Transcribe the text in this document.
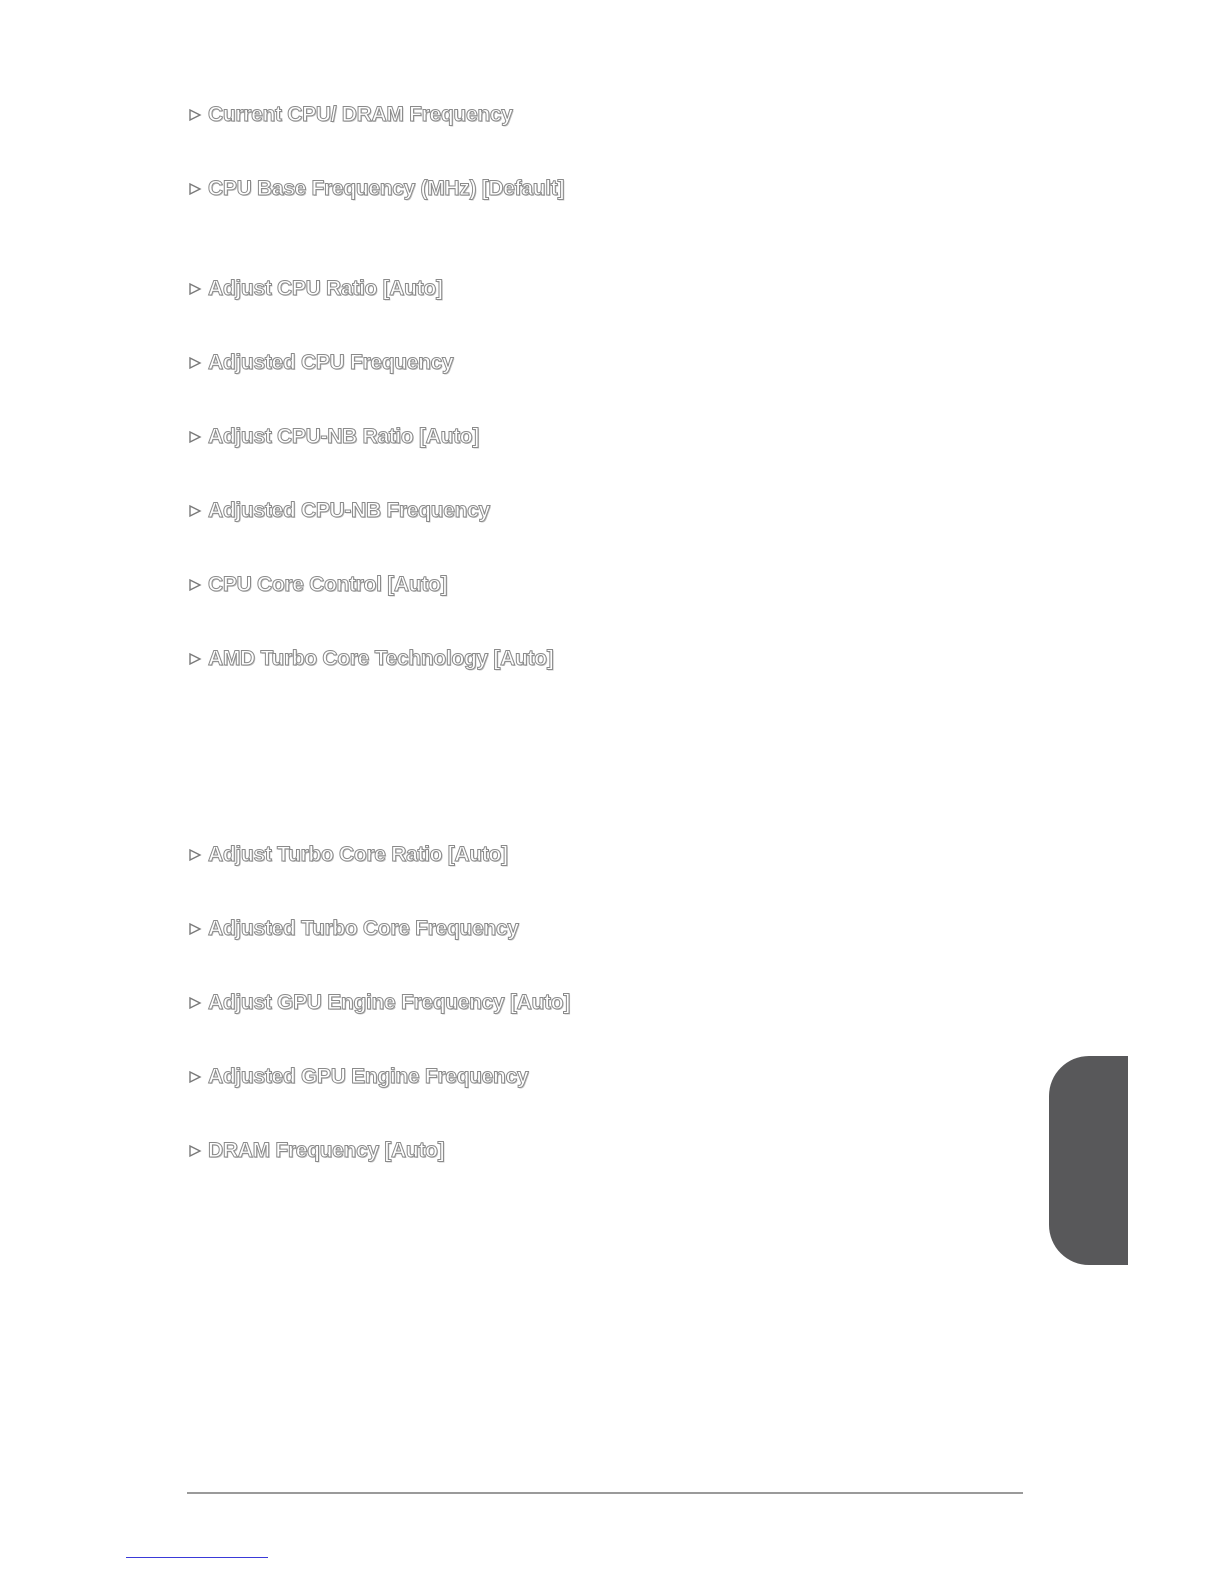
Current CPU/ DRAM Frequency
CPU Base Frequency (MHz) [Default]
Adjust CPU Ratio [Auto]
Adjusted CPU Frequency
Adjust CPU-NB Ratio [Auto]
Adjusted CPU-NB Frequency
CPU Core Control [Auto]
AMD Turbo Core Technology [Auto]
Adjust Turbo Core Ratio [Auto]
Adjusted Turbo Core Frequency
Adjust GPU Engine Frequency [Auto]
Adjusted GPU Engine Frequency
DRAM Frequency [Auto]
